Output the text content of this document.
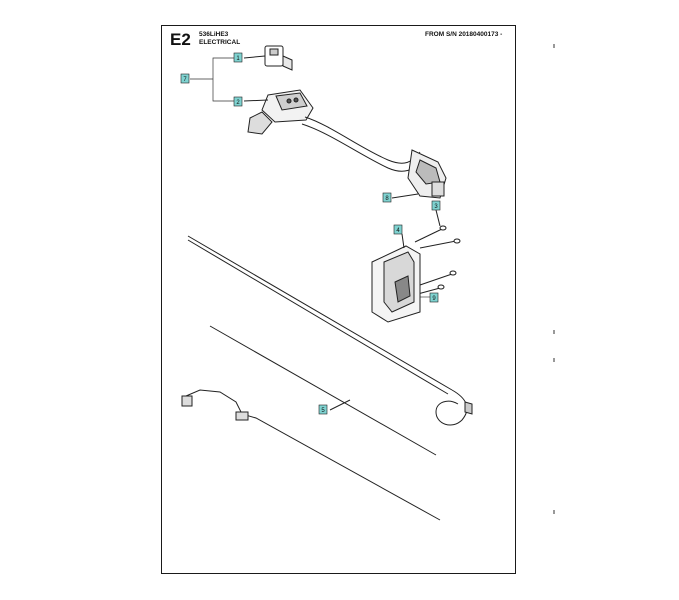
E2 536LiHE3
ELECTRICAL
FROM S/N 20180400173 -
1
2
7
8
3
4
9
5
